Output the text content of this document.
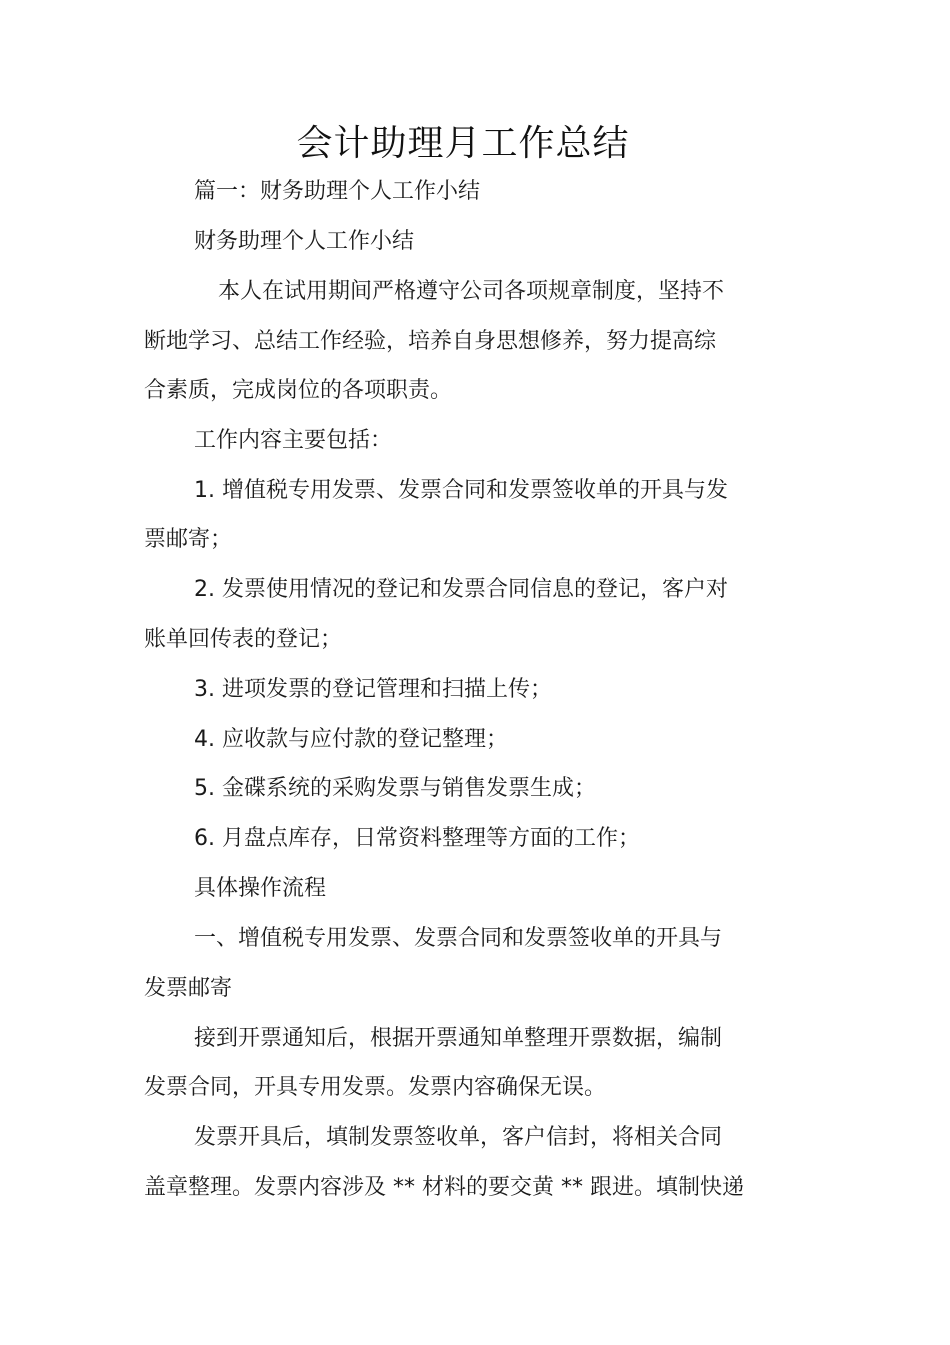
会计助理月工作总结
篇一：财务助理个人工作小结
财务助理个人工作小结
本人在试用期间严格遵守公司各项规章制度，坚持不
断地学习、总结工作经验，培养自身思想修养，努力提高综
合素质，完成岗位的各项职责。
工作内容主要包括：
1. 增值税专用发票、发票合同和发票签收单的开具与发
票邮寄；
2. 发票使用情况的登记和发票合同信息的登记，客户对
账单回传表的登记；
3. 进项发票的登记管理和扫描上传；
4. 应收款与应付款的登记整理；
5. 金碟系统的采购发票与销售发票生成；
6. 月盘点库存，日常资料整理等方面的工作；
具体操作流程
一、增值税专用发票、发票合同和发票签收单的开具与
发票邮寄
接到开票通知后，根据开票通知单整理开票数据，编制
发票合同，开具专用发票。发票内容确保无误。
发票开具后，填制发票签收单，客户信封，将相关合同
盖章整理。发票内容涉及 ** 材料的要交黄 ** 跟进。填制快递
